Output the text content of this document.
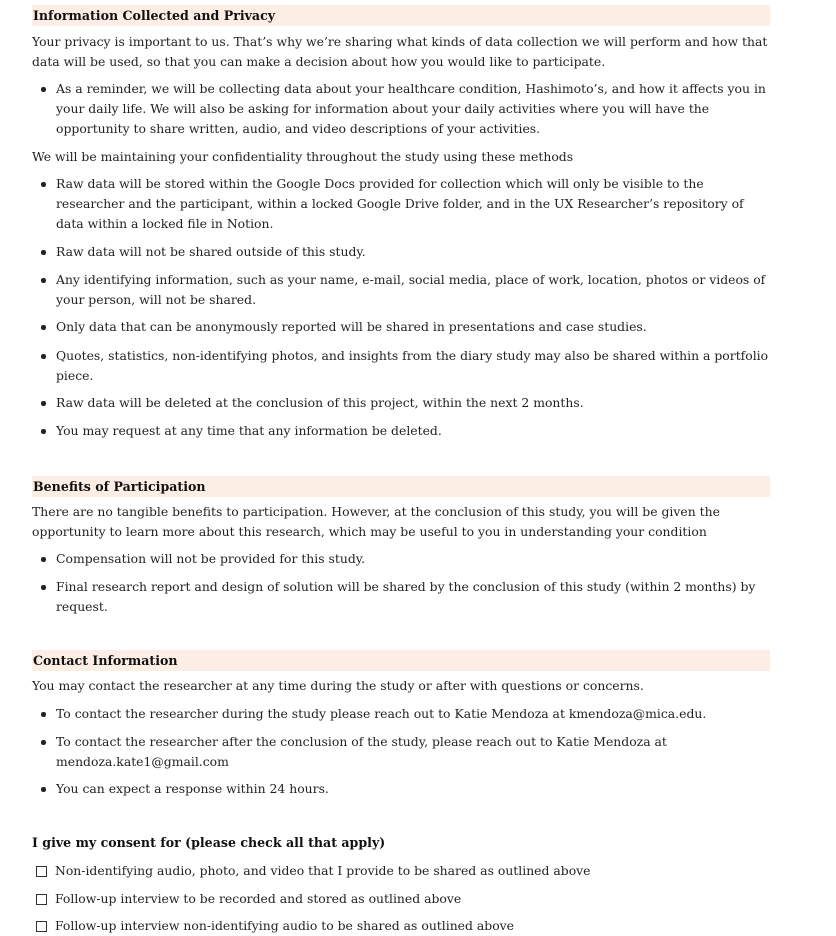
Information Collected and Privacy

Your privacy is important to us. That’s why we’re sharing what kinds of data collection we will perform and how that data will be used, so that you can make a decision about how you would like to participate.

As a reminder, we will be collecting data about your healthcare condition, Hashimoto’s, and how it affects you in your daily life. We will also be asking for information about your daily activities where you will have the opportunity to share written, audio, and video descriptions of your activities.

We will be maintaining your confidentiality throughout the study using these methods

Raw data will be stored within the Google Docs provided for collection which will only be visible to the researcher and the participant, within a locked Google Drive folder, and in the UX Researcher’s repository of data within a locked file in Notion.
Raw data will not be shared outside of this study.
Any identifying information, such as your name, e-mail, social media, place of work, location, photos or videos of your person, will not be shared.
Only data that can be anonymously reported will be shared in presentations and case studies.
Quotes, statistics, non-identifying photos, and insights from the diary study may also be shared within a portfolio piece.
Raw data will be deleted at the conclusion of this project, within the next 2 months.
You may request at any time that any information be deleted.
Benefits of Participation

There are no tangible benefits to participation. However, at the conclusion of this study, you will be given the opportunity to learn more about this research, which may be useful to you in understanding your condition

Compensation will not be provided for this study.
Final research report and design of solution will be shared by the conclusion of this study (within 2 months) by request.
Contact Information

You may contact the researcher at any time during the study or after with questions or concerns.

To contact the researcher during the study please reach out to Katie Mendoza at kmendoza@mica.edu.
To contact the researcher after the conclusion of the study, please reach out to Katie Mendoza at mendoza.kate1@gmail.com
You can expect a response within 24 hours.
I give my consent for (please check all that apply)
Non-identifying audio, photo, and video that I provide to be shared as outlined above
Follow-up interview to be recorded and stored as outlined above
Follow-up interview non-identifying audio to be shared as outlined above
